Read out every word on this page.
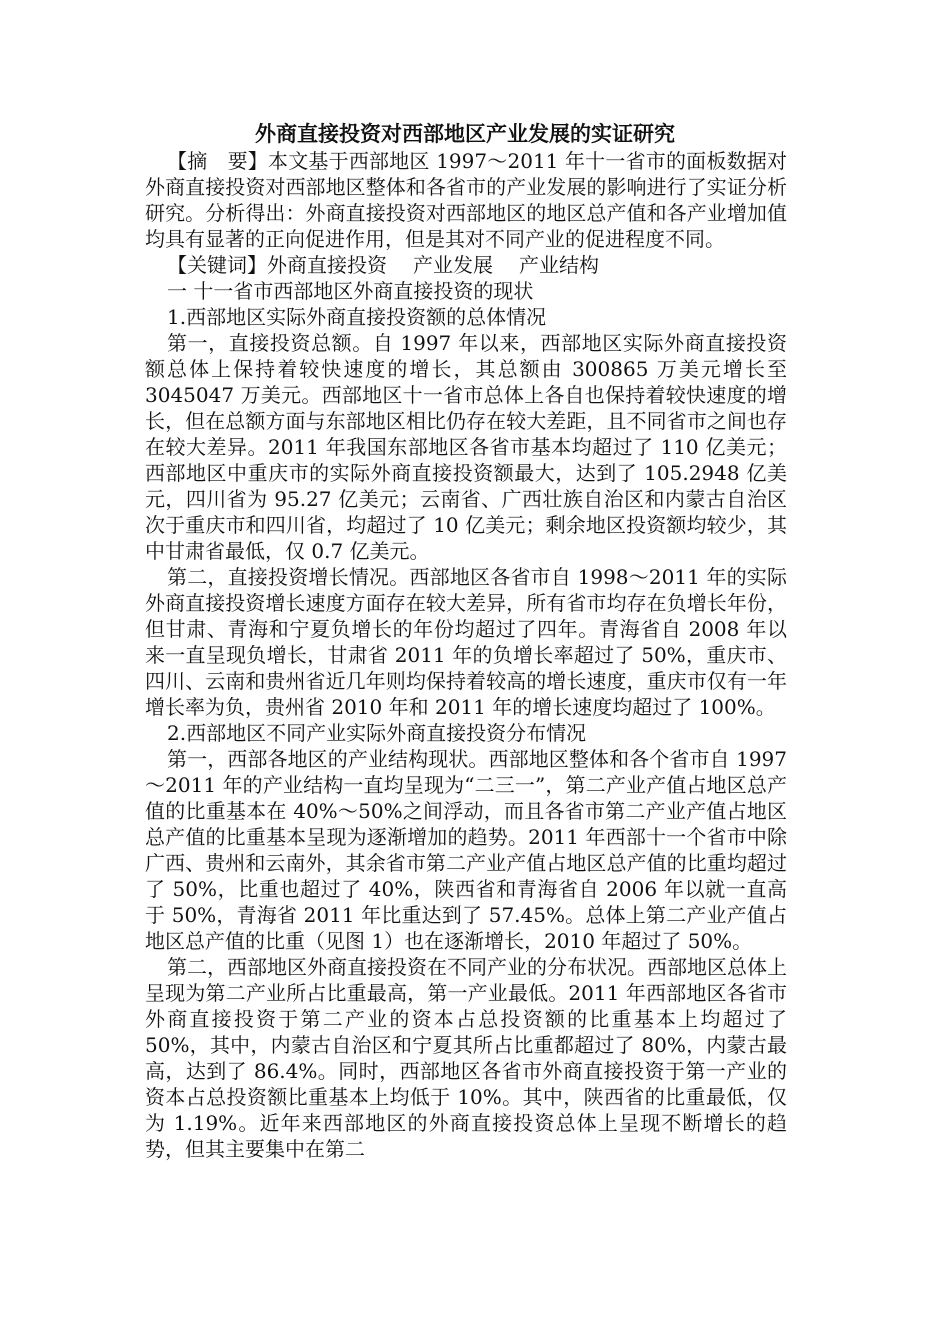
外商直接投资对西部地区产业发展的实证研究

【摘　要】本文基于西部地区 1997～2011 年十一省市的面板数据对外商直接投资对西部地区整体和各省市的产业发展的影响进行了实证分析研究。分析得出：外商直接投资对西部地区的地区总产值和各产业增加值均具有显著的正向促进作用，但是其对不同产业的促进程度不同。

【关键词】外商直接投资 产业发展 产业结构

一 十一省市西部地区外商直接投资的现状

1.西部地区实际外商直接投资额的总体情况

第一，直接投资总额。自 1997 年以来，西部地区实际外商直接投资额总体上保持着较快速度的增长，其总额由 300865 万美元增长至 3045047 万美元。西部地区十一省市总体上各自也保持着较快速度的增长，但在总额方面与东部地区相比仍存在较大差距，且不同省市之间也存在较大差异。2011 年我国东部地区各省市基本均超过了 110 亿美元；西部地区中重庆市的实际外商直接投资额最大，达到了 105.2948 亿美元，四川省为 95.27 亿美元；云南省、广西壮族自治区和内蒙古自治区次于重庆市和四川省，均超过了 10 亿美元；剩余地区投资额均较少，其中甘肃省最低，仅 0.7 亿美元。

第二，直接投资增长情况。西部地区各省市自 1998～2011 年的实际外商直接投资增长速度方面存在较大差异，所有省市均存在负增长年份，但甘肃、青海和宁夏负增长的年份均超过了四年。青海省自 2008 年以来一直呈现负增长，甘肃省 2011 年的负增长率超过了 50%，重庆市、四川、云南和贵州省近几年则均保持着较高的增长速度，重庆市仅有一年增长率为负，贵州省 2010 年和 2011 年的增长速度均超过了 100%。

2.西部地区不同产业实际外商直接投资分布情况

第一，西部各地区的产业结构现状。西部地区整体和各个省市自 1997～2011 年的产业结构一直均呈现为“二三一”，第二产业产值占地区总产值的比重基本在 40%～50%之间浮动，而且各省市第二产业产值占地区总产值的比重基本呈现为逐渐增加的趋势。2011 年西部十一个省市中除广西、贵州和云南外，其余省市第二产业产值占地区总产值的比重均超过了 50%，比重也超过了 40%，陕西省和青海省自 2006 年以就一直高于 50%，青海省 2011 年比重达到了 57.45%。总体上第二产业产值占地区总产值的比重（见图 1）也在逐渐增长，2010 年超过了 50%。

第二，西部地区外商直接投资在不同产业的分布状况。西部地区总体上呈现为第二产业所占比重最高，第一产业最低。2011 年西部地区各省市外商直接投资于第二产业的资本占总投资额的比重基本上均超过了 50%，其中，内蒙古自治区和宁夏其所占比重都超过了 80%，内蒙古最高，达到了 86.4%。同时，西部地区各省市外商直接投资于第一产业的资本占总投资额比重基本上均低于 10%。其中，陕西省的比重最低，仅为 1.19%。近年来西部地区的外商直接投资总体上呈现不断增长的趋势，但其主要集中在第二
